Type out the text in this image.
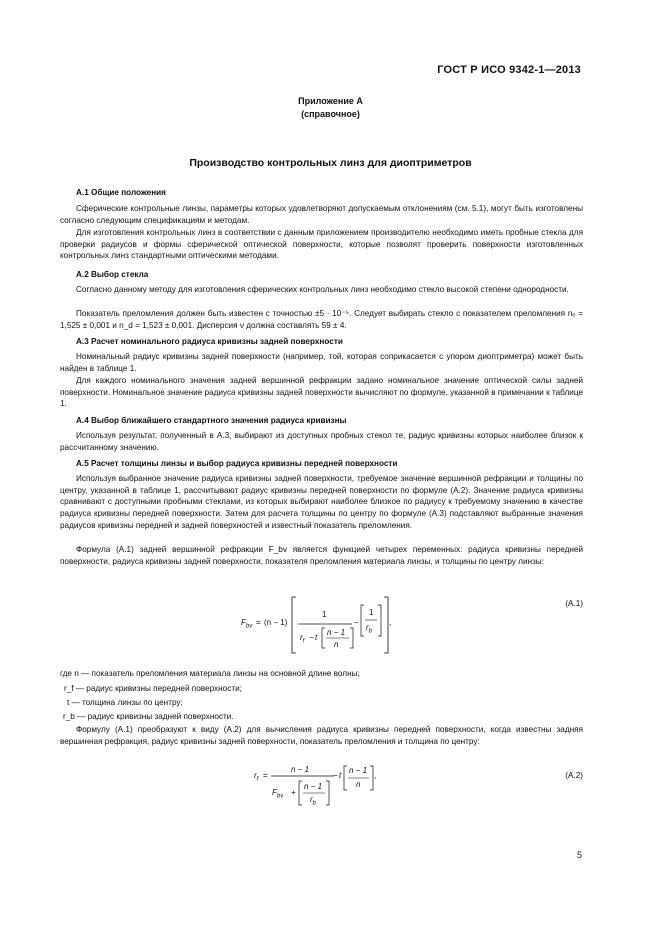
ГОСТ Р ИСО 9342-1—2013
Приложение А
(справочное)
Производство контрольных линз для диоптриметров
А.1 Общие положения

Сферические контрольные линзы, параметры которых удовлетворяют допускаемым отклонениям (см. 5.1), могут быть изготовлены согласно следующим спецификациям и методам.

Для изготовления контрольных линз в соответствии с данным приложением производителю необходимо иметь пробные стекла для проверки радиусов и формы сферической оптической поверхности, которые позволят проверить поверхности изготовленных контрольных линз стандартными оптическими методами.

А.2 Выбор стекла

Согласно данному методу для изготовления сферических контрольных линз необходимо стекло высокой степени однородности.

Показатель преломления должен быть известен с точностью ±5 · 10⁻⁵. Следует выбирать стекло с показателем преломления nₑ = 1,525 ± 0,001 и n_d = 1,523 ± 0,001. Дисперсия ν должна составлять 59 ± 4.

А.3 Расчет номинального радиуса кривизны задней поверхности

Номинальный радиус кривизны задней поверхности (например, той, которая соприкасается с упором диоптриметра) может быть найден в таблице 1.

Для каждого номинального значения задней вершинной рефракции задано номинальное значение оптической силы задней поверхности. Номинальное значение радиуса кривизны задней поверхности вычисляют по формуле, указанной в примечании к таблице 1.

А.4 Выбор ближайшего стандартного значения радиуса кривизны

Используя результат, полученный в А.3, выбирают из доступных пробных стекол те, радиус кривизны которых наиболее близок к рассчитанному значению.

А.5 Расчет толщины линзы и выбор радиуса кривизны передней поверхности

Используя выбранное значение радиуса кривизны задней поверхности, требуемое значение вершинной рефракции и толщины по центру, указанной в таблице 1, рассчитывают радиус кривизны передней поверхности по формуле (А.2). Значение радиуса кривизны сравнивают с доступными пробными стеклами, из которых выбирают наиболее близкое по радиусу к требуемому значению в качестве радиуса кривизны передней поверхности. Затем для расчета толщины по центру по формуле (А.3) подставляют выбранные значения радиусов кривизны передней и задней поверхностей и известный показатель преломления.

Формула (А.1) задней вершинной рефракции F_bv является функцией четырех переменных: радиуса кривизны передней поверхности, радиуса кривизны задней поверхности, показателя преломления материала линзы, и толщины по центру линзы:

(А.1)
$F_{bv} = (n - 1)$
1
$r_f - t$
n − 1
n
−
1
$r_b$
,
где n — показатель преломления материала линзы на основной длине волны;
r_f — радиус кривизны передней поверхности;
t — толщина линзы по центру;
r_b — радиус кривизны задней поверхности.

Формулу (А.1) преобразуют к виду (А.2) для вычисления радиуса кривизны передней поверхности, когда известны задняя вершинная рефракция, радиус кривизны задней поверхности, показатель преломления и толщина по центру:

(А.2)
$r_f$ =
n − 1
$F_{bv}$ +
n − 1
$r_b$
− t
n − 1
n
,
5
